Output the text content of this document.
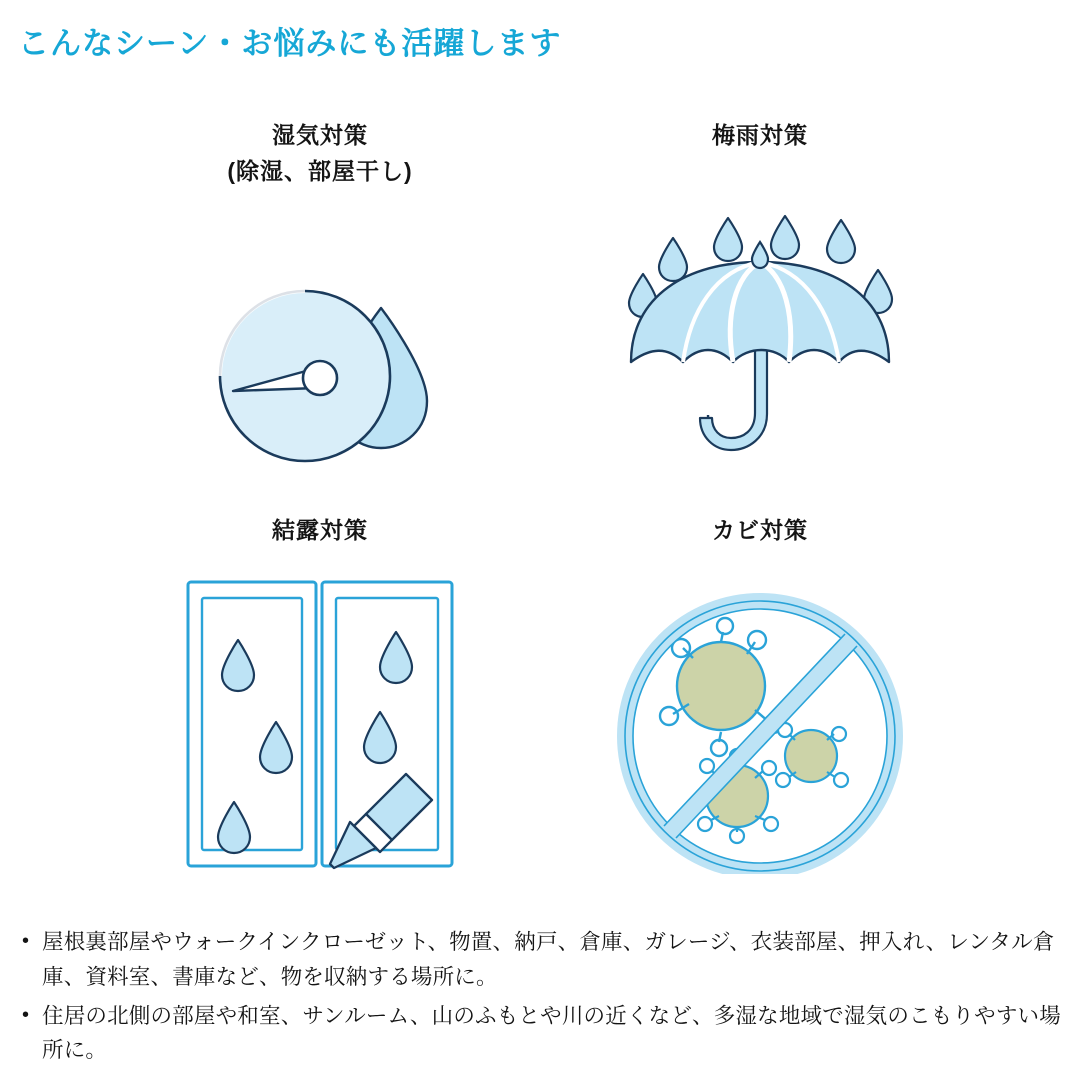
こんなシーン・お悩みにも活躍します
湿気対策
(除湿、部屋干し)
梅雨対策
結露対策	カビ対策
• 屋根裏部屋やウォークインクローゼット、物置、納戸、倉庫、ガレージ、衣装部屋、押入れ、レンタル倉庫、資料室、書庫など、物を収納する場所に。
• 住居の北側の部屋や和室、サンルーム、山のふもとや川の近くなど、多湿な地域で湿気のこもりやすい場所に。
